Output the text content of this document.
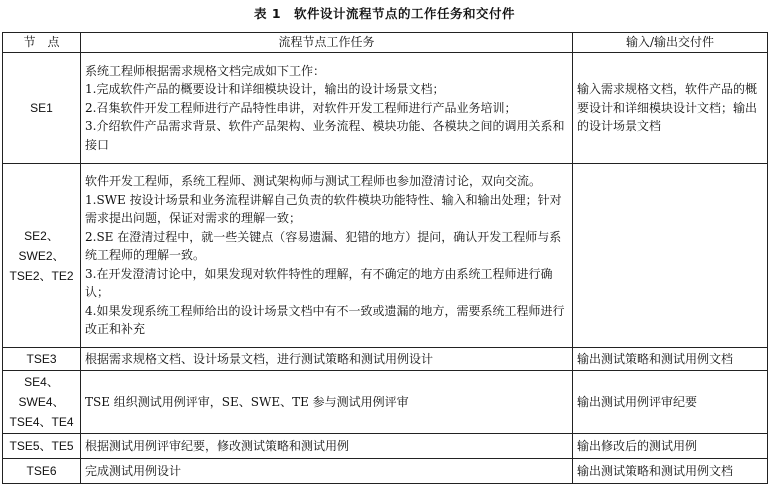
表 1　软件设计流程节点的工作任务和交付件
节　点	流程节点工作任务	输入/输出交付件

SE1	系统工程师根据需求规格文档完成如下工作：
1.完成软件产品的概要设计和详细模块设计，输出的设计场景文档；
2.召集软件开发工程师进行产品特性串讲，对软件开发工程师进行产品业务培训；
3.介绍软件产品需求背景、软件产品架构、业务流程、模块功能、各模块之间的调用关系和接口	输入需求规格文档，软件产品的概要设计和详细模块设计文档；输出的设计场景文档

SE2、SWE2、
TSE2、TE2	软件开发工程师，系统工程师、测试架构师与测试工程师也参加澄清讨论，双向交流。
1.SWE 按设计场景和业务流程讲解自己负责的软件模块功能特性、输入和输出处理；针对需求提出问题，保证对需求的理解一致；
2.SE 在澄清过程中，就一些关键点（容易遗漏、犯错的地方）提问，确认开发工程师与系统工程师的理解一致。
3.在开发澄清讨论中，如果发现对软件特性的理解，有不确定的地方由系统工程师进行确认；
4.如果发现系统工程师给出的设计场景文档中有不一致或遗漏的地方，需要系统工程师进行改正和补充	

TSE3	根据需求规格文档、设计场景文档，进行测试策略和测试用例设计	输出测试策略和测试用例文档

SE4、SWE4、
TSE4、TE4	TSE 组织测试用例评审，SE、SWE、TE 参与测试用例评审	输出测试用例评审纪要

TSE5、TE5	根据测试用例评审纪要，修改测试策略和测试用例	输出修改后的测试用例

TSE6	完成测试用例设计	输出测试策略和测试用例文档
